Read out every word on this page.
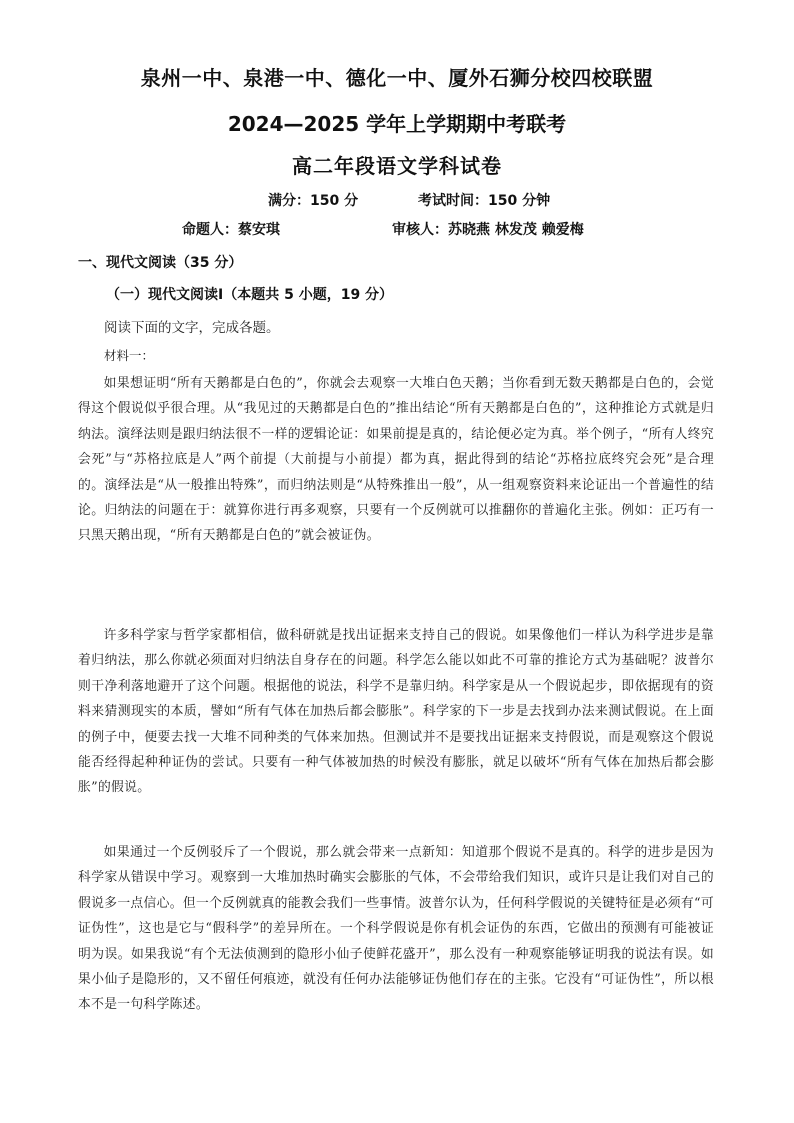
泉州一中、泉港一中、德化一中、厦外石狮分校四校联盟
2024—2025 学年上学期期中考联考
高二年段语文学科试卷
满分：150 分	考试时间：150 分钟
命题人：蔡安琪	审核人：苏晓燕 林发茂 赖爱梅
一、现代文阅读（35 分）
（一）现代文阅读Ⅰ（本题共 5 小题，19 分）
阅读下面的文字，完成各题。
材料一：
如果想证明“所有天鹅都是白色的”，你就会去观察一大堆白色天鹅；当你看到无数天鹅都是白色的，会觉得这个假说似乎很合理。从“我见过的天鹅都是白色的”推出结论“所有天鹅都是白色的”，这种推论方式就是归纳法。演绎法则是跟归纳法很不一样的逻辑论证：如果前提是真的，结论便必定为真。举个例子，“所有人终究会死”与“苏格拉底是人”两个前提（大前提与小前提）都为真，据此得到的结论“苏格拉底终究会死”是合理的。演绎法是“从一般推出特殊”，而归纳法则是“从特殊推出一般”，从一组观察资料来论证出一个普遍性的结论。归纳法的问题在于：就算你进行再多观察，只要有一个反例就可以推翻你的普遍化主张。例如：正巧有一只黑天鹅出现，“所有天鹅都是白色的”就会被证伪。
许多科学家与哲学家都相信，做科研就是找出证据来支持自己的假说。如果像他们一样认为科学进步是靠着归纳法，那么你就必须面对归纳法自身存在的问题。科学怎么能以如此不可靠的推论方式为基础呢？波普尔则干净利落地避开了这个问题。根据他的说法，科学不是靠归纳。科学家是从一个假说起步，即依据现有的资料来猜测现实的本质，譬如“所有气体在加热后都会膨胀”。科学家的下一步是去找到办法来测试假说。在上面的例子中，便要去找一大堆不同种类的气体来加热。但测试并不是要找出证据来支持假说，而是观察这个假说能否经得起种种证伪的尝试。只要有一种气体被加热的时候没有膨胀，就足以破坏“所有气体在加热后都会膨胀”的假说。
如果通过一个反例驳斥了一个假说，那么就会带来一点新知：知道那个假说不是真的。科学的进步是因为科学家从错误中学习。观察到一大堆加热时确实会膨胀的气体，不会带给我们知识，或许只是让我们对自己的假说多一点信心。但一个反例就真的能教会我们一些事情。波普尔认为，任何科学假说的关键特征是必须有“可证伪性”，这也是它与“假科学”的差异所在。一个科学假说是你有机会证伪的东西，它做出的预测有可能被证明为误。如果我说“有个无法侦测到的隐形小仙子使鲜花盛开”，那么没有一种观察能够证明我的说法有误。如果小仙子是隐形的，又不留任何痕迹，就没有任何办法能够证伪他们存在的主张。它没有“可证伪性”，所以根本不是一句科学陈述。
